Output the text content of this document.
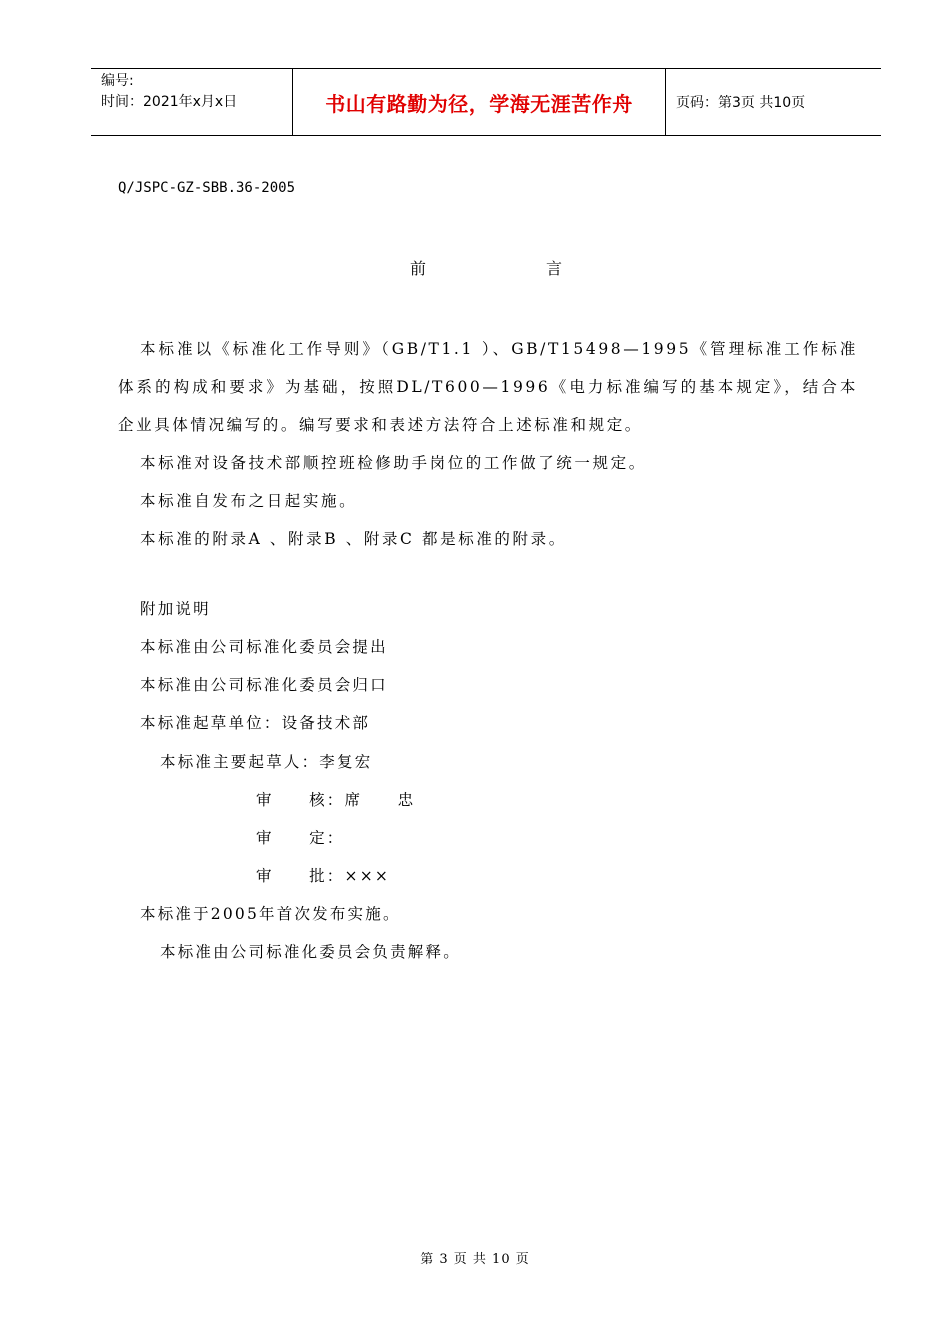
编号:
时间：2021年x月x日	书山有路勤为径，学海无涯苦作舟	页码：第3页 共10页
Q/JSPC-GZ-SBB.36-2005
前	言

本标准以《标准化工作导则》（GB/T1.1 ）、GB/T15498—1995《管理标准工作标准体系的构成和要求》为基础，按照DL/T600—1996《电力标准编写的基本规定》，结合本企业具体情况编写的。编写要求和表述方法符合上述标准和规定。

本标准对设备技术部顺控班检修助手岗位的工作做了统一规定。

本标准自发布之日起实施。

本标准的附录A 、附录B 、附录C 都是标准的附录。

附加说明
本标准由公司标准化委员会提出
本标准由公司标准化委员会归口
本标准起草单位：设备技术部
本标准主要起草人：李复宏
审　　核：席　　忠
审　　定：
审　　批：×××
本标准于2005年首次发布实施。
本标准由公司标准化委员会负责解释。
第 3 页 共 10 页
